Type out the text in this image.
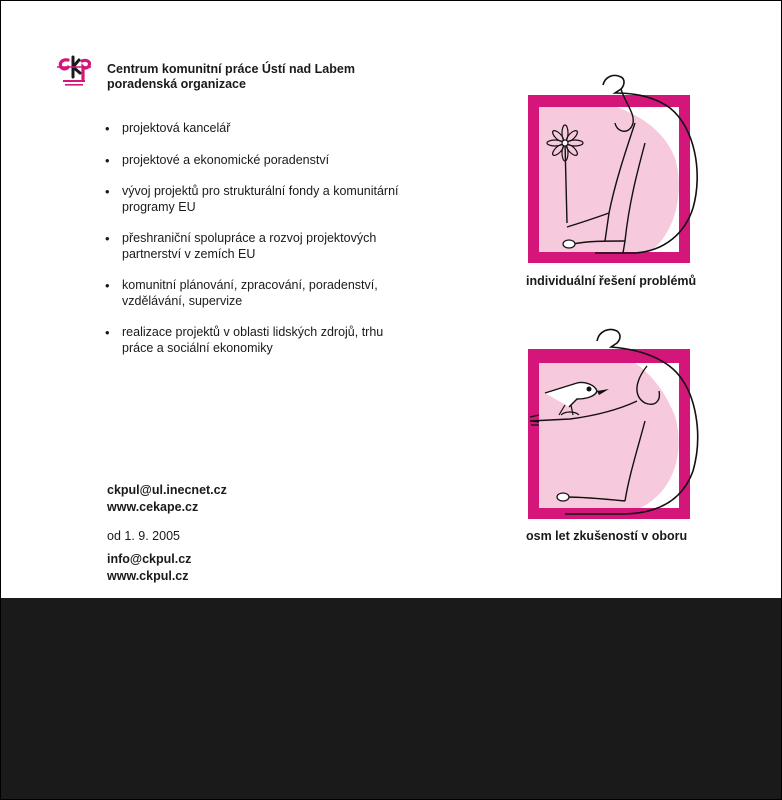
Centrum komunitní práce Ústí nad Labem
poradenská organizace
• projektová kancelář
• projektové a ekonomické poradenství
• vývoj projektů pro strukturální fondy a komunitární programy EU
• přeshraniční spolupráce a rozvoj projektových partnerství v zemích EU
• komunitní plánování, zpracování, poradenství, vzdělávání, supervize
• realizace projektů v oblasti lidských zdrojů, trhu práce a sociální ekonomiky
ckpul@ul.inecnet.cz
www.cekape.cz
od 1. 9. 2005
info@ckpul.cz
www.ckpul.cz
individuální řešení problémů
osm let zkušeností v oboru
